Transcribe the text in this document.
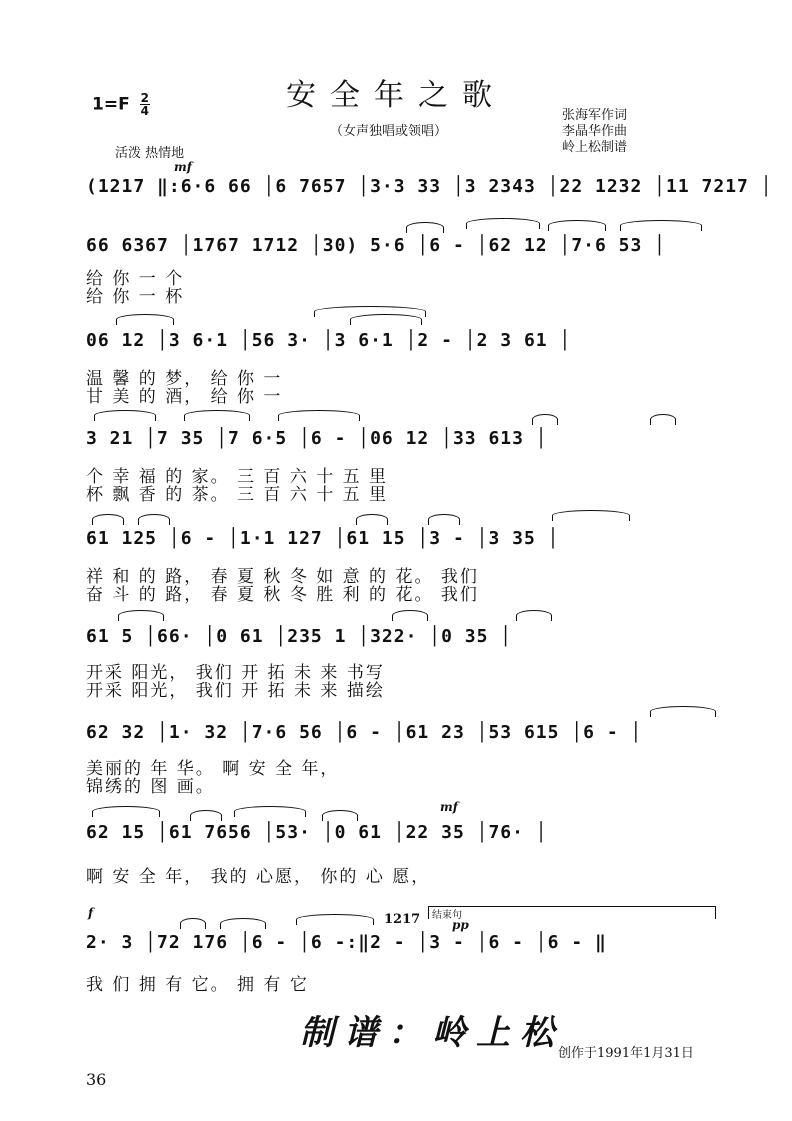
安全年之歌
$1=F \frac{2}{4}$
（女声独唱或领唱）
张海军作词
李晶华作曲
岭上松制谱
活泼 热情地
mf
mf
f
pp
(1217 ‖:6·6 66 │6 7657 │3·3 33 │3 2343 │22 1232 │11 7217 │
66 6367 │1767 1712 │30) 5·6 │6 - │62 12 │7·6 53 │
给 你 一 个
给 你 一 杯
06 12 │3 6·1 │56 3· │3 6·1 │2 - │2 3 61 │
温 馨 的 梦， 给 你 一
甘 美 的 酒， 给 你 一
3 21 │7 35 │7 6·5 │6 - │06 12 │33 613 │
个 幸 福 的 家。 三 百 六 十 五 里
杯 飘 香 的 茶。 三 百 六 十 五 里
61 125 │6 - │1·1 127 │61 15 │3 - │3 35 │
祥 和 的 路， 春 夏 秋 冬 如 意 的 花。 我们
奋 斗 的 路， 春 夏 秋 冬 胜 利 的 花。 我们
61 5 │66· │0 61 │235 1 │322· │0 35 │
开采 阳光， 我们 开 拓 未 来 书写
开采 阳光， 我们 开 拓 未 来 描绘
62 32 │1· 32 │7·6 56 │6 - │61 23 │53 615 │6 - │
美丽的 年 华。 啊 安 全 年，
锦绣的 图 画。
62 15 │61 7656 │53· │0 61 │22 35 │76· │
啊 安 全 年， 我的 心愿， 你的 心 愿，
1217 结束句
2· 3 │72 176 │6 - │6 -:‖2 - │3 - │6 - │6 - ‖
我 们 拥 有 它。 拥 有 它
制谱：岭上松
创作于1991年1月31日
36
